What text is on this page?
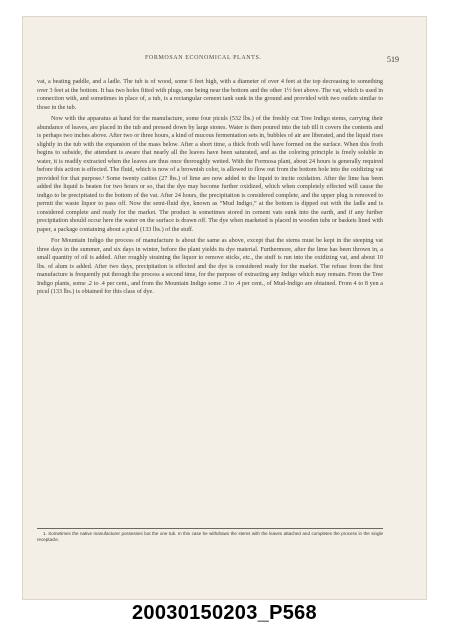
FORMOSAN ECONOMICAL PLANTS.	519

vat, a beating paddle, and a ladle. The tub is of wood, some 6 feet high, with a diameter of over 4 feet at the top decreasing to something over 3 feet at the bottom. It has two holes fitted with plugs, one being near the bottom and the other 1½ feet above. The vat, which is used in connection with, and sometimes in place of, a tub, is a rectangular cement tank sunk in the ground and provided with two outlets similar to those in the tub.

Now with the apparatus at hand for the manufacture, some four piculs (532 lbs.) of the freshly cut Tree Indigo stems, carrying their abundance of leaves, are placed in the tub and pressed down by large stones. Water is then poured into the tub till it covers the contents and is perhaps two inches above. After two or three hours, a kind of mucous fermentation sets in, bubbles of air are liberated, and the liquid rises slightly in the tub with the expansion of the mass below. After a short time, a thick froth will have formed on the surface. When this froth begins to subside, the attendant is aware that nearly all the leaves have been saturated, and as the coloring principle is freely soluble in water, it is readily extracted when the leaves are thus once thoroughly wetted. With the Formosa plant, about 24 hours is generally required before this action is effected. The fluid, which is now of a brownish color, is allowed to flow out from the bottom hole into the oxidizing vat provided for that purpose.¹ Some twenty catties (27 lbs.) of lime are now added to the liquid to incite oxidation. After the lime has been added the liquid is beaten for two hours or so, that the dye may become further oxidized, which when completely effected will cause the indigo to be precipitated to the bottom of the vat. After 24 hours, the precipitation is considered complete, and the upper plug is removed to permit the waste liquor to pass off. Now the semi-fluid dye, known as “Mud Indigo,” at the bottom is dipped out with the ladle and is considered complete and ready for the market. The product is sometimes stored in cement vats sunk into the earth, and if any further precipitation should occur here the water on the surface is drawn off. The dye when marketed is placed in wooden tubs or baskets lined with paper, a package containing about a picul (133 lbs.) of the stuff.

For Mountain Indigo the process of manufacture is about the same as above, except that the stems must be kept in the steeping vat three days in the summer, and six days in winter, before the plant yields its dye material. Furthermore, after the lime has been thrown in, a small quantity of oil is added. After roughly straining the liquor to remove sticks, etc., the stuff is run into the oxidizing vat, and about 10 lbs. of alum is added. After two days, precipitation is effected and the dye is considered ready for the market. The refuse from the first manufacture is frequently put through the process a second time, for the purpose of extracting any Indigo which may remain. From the Tree Indigo plants, some .2 to .4 per cent., and from the Mountain Indigo some .3 to .4 per cent., of Mud-Indigo are obtained. From 4 to 8 yen a picul (133 lbs.) is obtained for this class of dye.

1. Sometimes the native manufacturer possesses but the one tub. In this case he withdraws the stems with the leaves attached and completes the process in the single receptacle.

20030150203_P568
